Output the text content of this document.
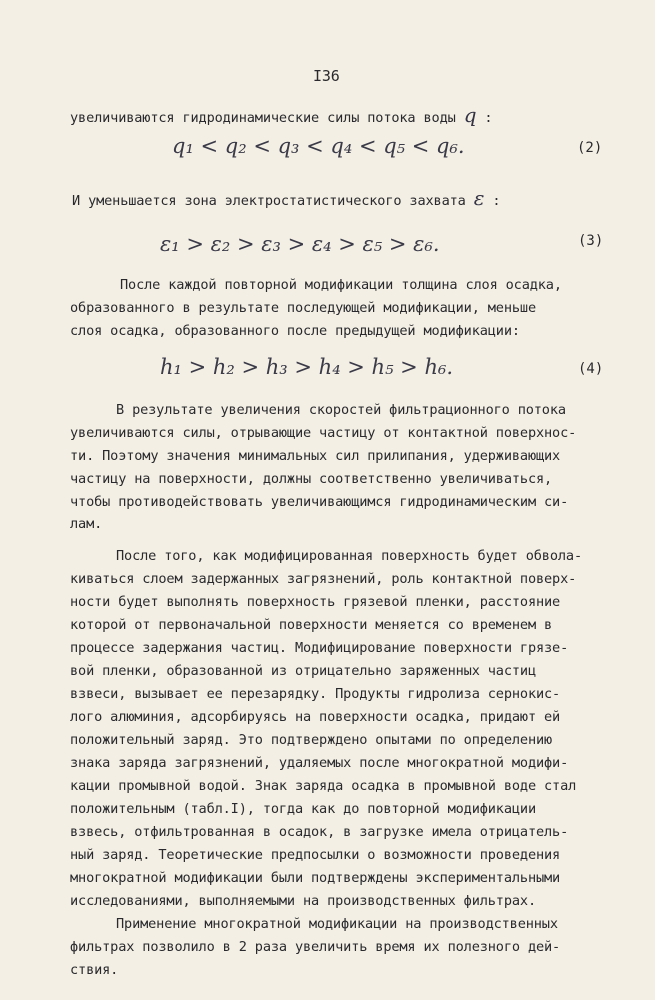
I36
увеличиваются гидродинамические силы потока воды q :
q₁ < q₂ < q₃ < q₄ < q₅ < q₆.	(2)
И уменьшается зона электростатистического захвата ε :
ε₁ > ε₂ > ε₃ > ε₄ > ε₅ > ε₆.	(3)
После каждой повторной модификации толщина слоя осадка,
образованного в результате последующей модификации, меньше
слоя осадка, образованного после предыдущей модификации:
h₁ > h₂ > h₃ > h₄ > h₅ > h₆.	(4)
В результате увеличения скоростей фильтрационного потока
увеличиваются силы, отрывающие частицу от контактной поверхнос-
ти. Поэтому значения минимальных сил прилипания, удерживающих
частицу на поверхности, должны соответственно увеличиваться,
чтобы противодействовать увеличивающимся гидродинамическим си-
лам.
После того, как модифицированная поверхность будет обвола-
киваться слоем задержанных загрязнений, роль контактной поверх-
ности будет выполнять поверхность грязевой пленки, расстояние
которой от первоначальной поверхности меняется со временем в
процессе задержания частиц. Модифицирование поверхности грязе-
вой пленки, образованной из отрицательно заряженных частиц
взвеси, вызывает ее перезарядку. Продукты гидролиза сернокис-
лого алюминия, адсорбируясь на поверхности осадка, придают ей
положительный заряд. Это подтверждено опытами по определению
знака заряда загрязнений, удаляемых после многократной модифи-
кации промывной водой. Знак заряда осадка в промывной воде стал
положительным (табл.I), тогда как до повторной модификации
взвесь, отфильтрованная в осадок, в загрузке имела отрицатель-
ный заряд. Теоретические предпосылки о возможности проведения
многократной модификации были подтверждены экспериментальными
исследованиями, выполняемыми на производственных фильтрах.
Применение многократной модификации на производственных
фильтрах позволило в 2 раза увеличить время их полезного дей-
ствия.
